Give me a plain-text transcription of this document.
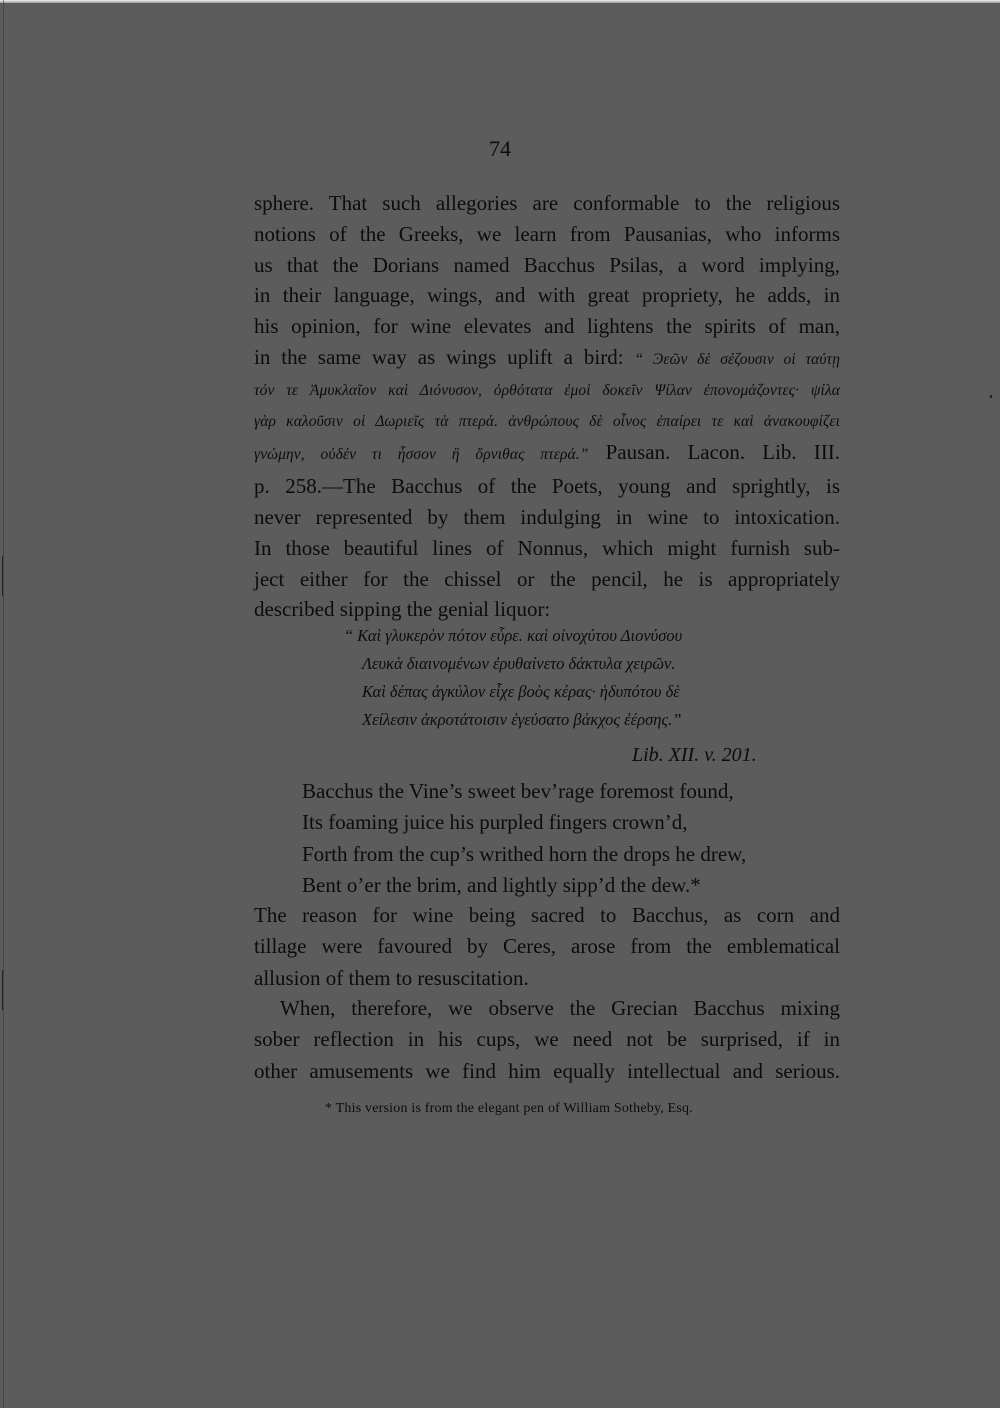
74
sphere. That such allegories are conformable to the religious
notions of the Greeks, we learn from Pausanias, who informs
us that the Dorians named Bacchus Psilas, a word implying,
in their language, wings, and with great propriety, he adds, in
his opinion, for wine elevates and lightens the spirits of man,
in the same way as wings uplift a bird: “ Ͽεῶν δὲ σέζουσιν οἱ ταύτῃ
τόν τε Ἀμυκλαῖον καὶ Διόνυσον, ὀρθότατα ἐμοὶ δοκεῖν Ψίλαν ἐπονομάζοντες· ψίλα
γὰρ καλοῦσιν οἱ Δωριεῖς τὰ πτερά. ἀνθρώπους δὲ οἶνος ἐπαίρει τε καὶ ἀνακουφίζει
γνώμην, οὐδέν τι ἧσσον ἢ ὄρνιθας πτερά.” Pausan. Lacon. Lib. III.
p. 258.—The Bacchus of the Poets, young and sprightly, is
never represented by them indulging in wine to intoxication.
In those beautiful lines of Nonnus, which might furnish sub-
ject either for the chissel or the pencil, he is appropriately
described sipping the genial liquor:
“ Καὶ γλυκερὸν πότον εὗρε. καὶ οἰνοχύτου Διονύσου
Λευκὰ διαινομένων ἐρυθαίνετο δάκτυλα χειρῶν.
Καὶ δέπας ἀγκύλον εἶχε βοὸς κέρας· ἡδυπότου δὲ
Χείλεσιν ἀκροτάτοισιν ἐγεύσατο βάκχος ἐέρσης.”
Lib. XII. v. 201.
Bacchus the Vine’s sweet bev’rage foremost found,
Its foaming juice his purpled fingers crown’d,
Forth from the cup’s writhed horn the drops he drew,
Bent o’er the brim, and lightly sipp’d the dew.*
The reason for wine being sacred to Bacchus, as corn and
tillage were favoured by Ceres, arose from the emblematical
allusion of them to resuscitation.
When, therefore, we observe the Grecian Bacchus mixing
sober reflection in his cups, we need not be surprised, if in
other amusements we find him equally intellectual and serious.
* This version is from the elegant pen of William Sotheby, Esq.
